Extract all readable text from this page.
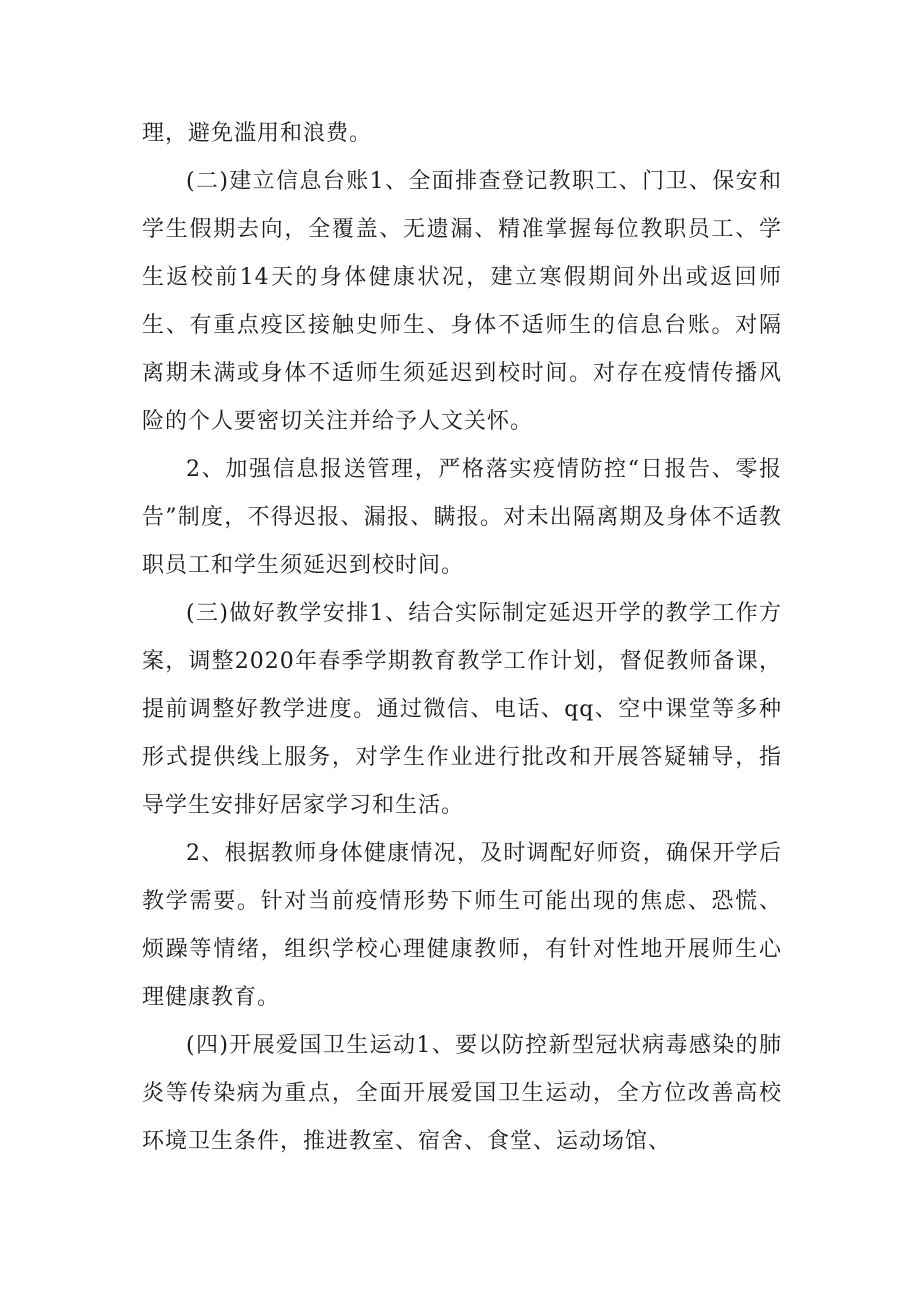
理，避免滥用和浪费。

(二)建立信息台账1、全面排查登记教职工、门卫、保安和学生假期去向，全覆盖、无遗漏、精准掌握每位教职员工、学生返校前14天的身体健康状况，建立寒假期间外出或返回师生、有重点疫区接触史师生、身体不适师生的信息台账。对隔离期未满或身体不适师生须延迟到校时间。对存在疫情传播风险的个人要密切关注并给予人文关怀。

2、加强信息报送管理，严格落实疫情防控“日报告、零报告”制度，不得迟报、漏报、瞒报。对未出隔离期及身体不适教职员工和学生须延迟到校时间。

(三)做好教学安排1、结合实际制定延迟开学的教学工作方案，调整2020年春季学期教育教学工作计划，督促教师备课，提前调整好教学进度。通过微信、电话、qq、空中课堂等多种形式提供线上服务，对学生作业进行批改和开展答疑辅导，指导学生安排好居家学习和生活。

2、根据教师身体健康情况，及时调配好师资，确保开学后教学需要。针对当前疫情形势下师生可能出现的焦虑、恐慌、烦躁等情绪，组织学校心理健康教师，有针对性地开展师生心理健康教育。

(四)开展爱国卫生运动1、要以防控新型冠状病毒感染的肺炎等传染病为重点，全面开展爱国卫生运动，全方位改善高校环境卫生条件，推进教室、宿舍、食堂、运动场馆、
